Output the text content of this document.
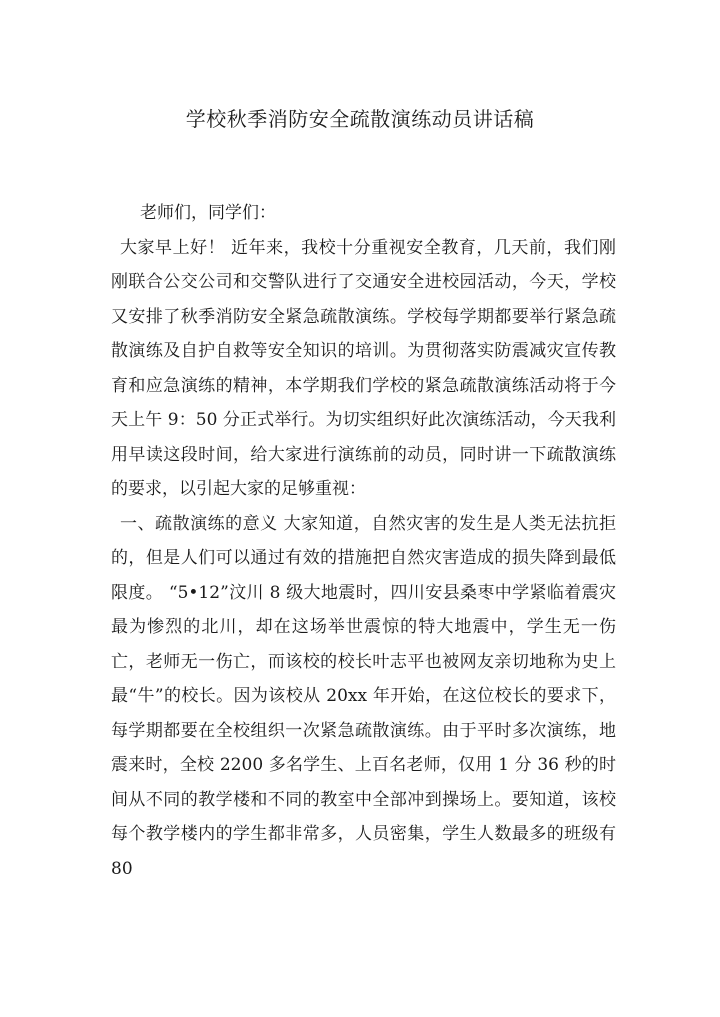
学校秋季消防安全疏散演练动员讲话稿

老师们，同学们：

大家早上好！ 近年来，我校十分重视安全教育，几天前，我们刚刚联合公交公司和交警队进行了交通安全进校园活动，今天，学校又安排了秋季消防安全紧急疏散演练。学校每学期都要举行紧急疏散演练及自护自救等安全知识的培训。为贯彻落实防震减灾宣传教育和应急演练的精神，本学期我们学校的紧急疏散演练活动将于今天上午 9：50 分正式举行。为切实组织好此次演练活动，今天我利用早读这段时间，给大家进行演练前的动员，同时讲一下疏散演练的要求，以引起大家的足够重视：

一、疏散演练的意义 大家知道，自然灾害的发生是人类无法抗拒的，但是人们可以通过有效的措施把自然灾害造成的损失降到最低限度。 “5•12”汶川 8 级大地震时，四川安县桑枣中学紧临着震灾最为惨烈的北川，却在这场举世震惊的特大地震中，学生无一伤亡，老师无一伤亡，而该校的校长叶志平也被网友亲切地称为史上最“牛”的校长。因为该校从 20xx 年开始，在这位校长的要求下，每学期都要在全校组织一次紧急疏散演练。由于平时多次演练，地震来时，全校 2200 多名学生、上百名老师，仅用 1 分 36 秒的时间从不同的教学楼和不同的教室中全部冲到操场上。要知道，该校每个教学楼内的学生都非常多，人员密集，学生人数最多的班级有 80
